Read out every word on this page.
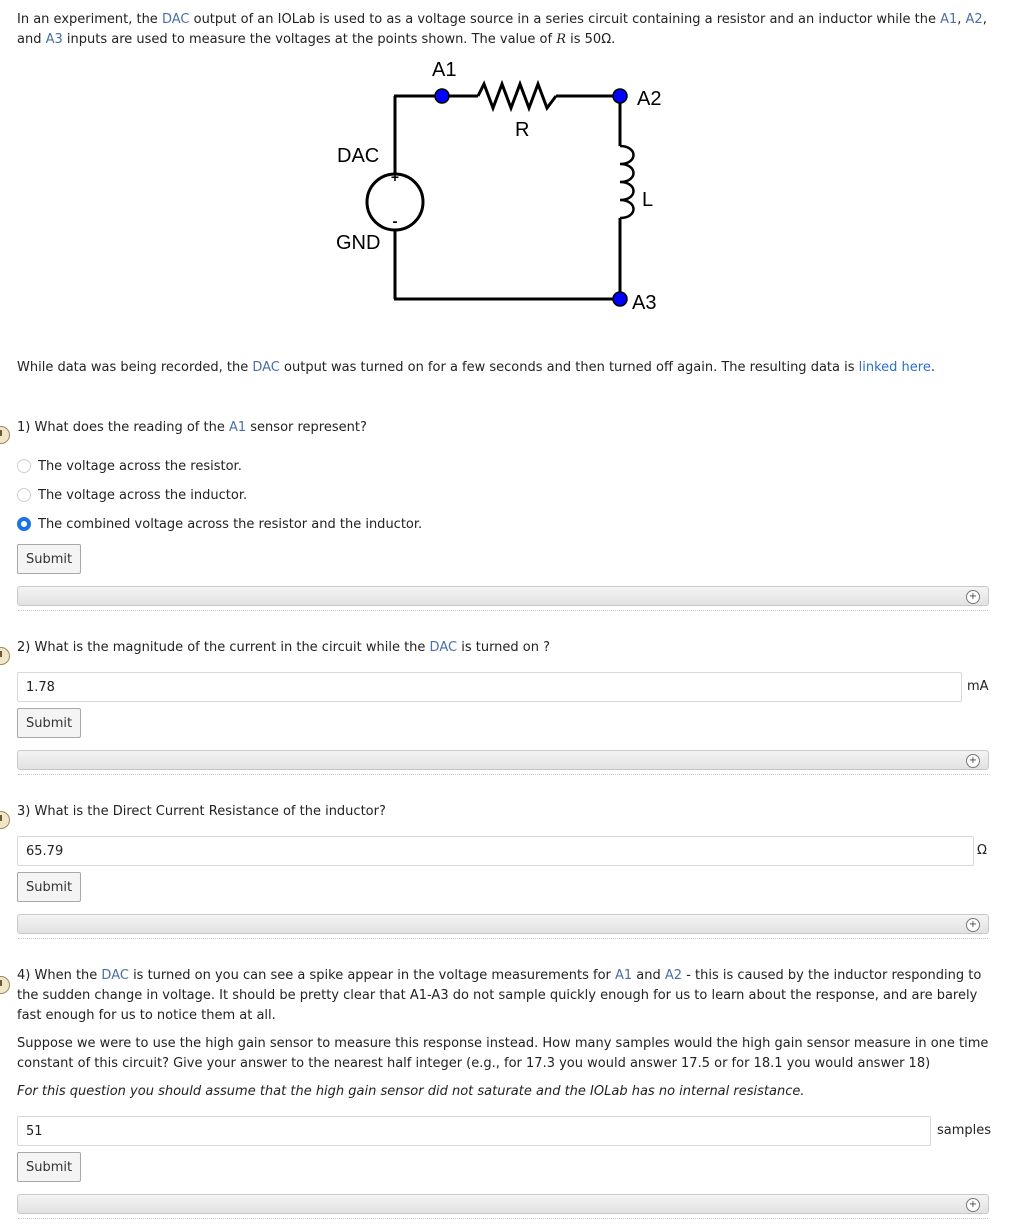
In an experiment, the DAC output of an IOLab is used to as a voltage source in a series circuit containing a resistor and an inductor while the A1, A2, and A3 inputs are used to measure the voltages at the points shown. The value of R is 50Ω.
+
-
A1
A2
A3
R
L
DAC
GND
While data was being recorded, the DAC output was turned on for a few seconds and then turned off again. The resulting data is linked here.
1) What does the reading of the A1 sensor represent?
The voltage across the resistor.
The voltage across the inductor.
The combined voltage across the resistor and the inductor.
Submit
+
2) What is the magnitude of the current in the circuit while the DAC is turned on ?
1.78
mA
Submit
+
3) What is the Direct Current Resistance of the inductor?
65.79
Ω
Submit
+
4) When the DAC is turned on you can see a spike appear in the voltage measurements for A1 and A2 - this is caused by the inductor responding to the sudden change in voltage. It should be pretty clear that A1-A3 do not sample quickly enough for us to learn about the response, and are barely fast enough for us to notice them at all.
Suppose we were to use the high gain sensor to measure this response instead. How many samples would the high gain sensor measure in one time constant of this circuit? Give your answer to the nearest half integer (e.g., for 17.3 you would answer 17.5 or for 18.1 you would answer 18)
For this question you should assume that the high gain sensor did not saturate and the IOLab has no internal resistance.
51
samples
Submit
+
